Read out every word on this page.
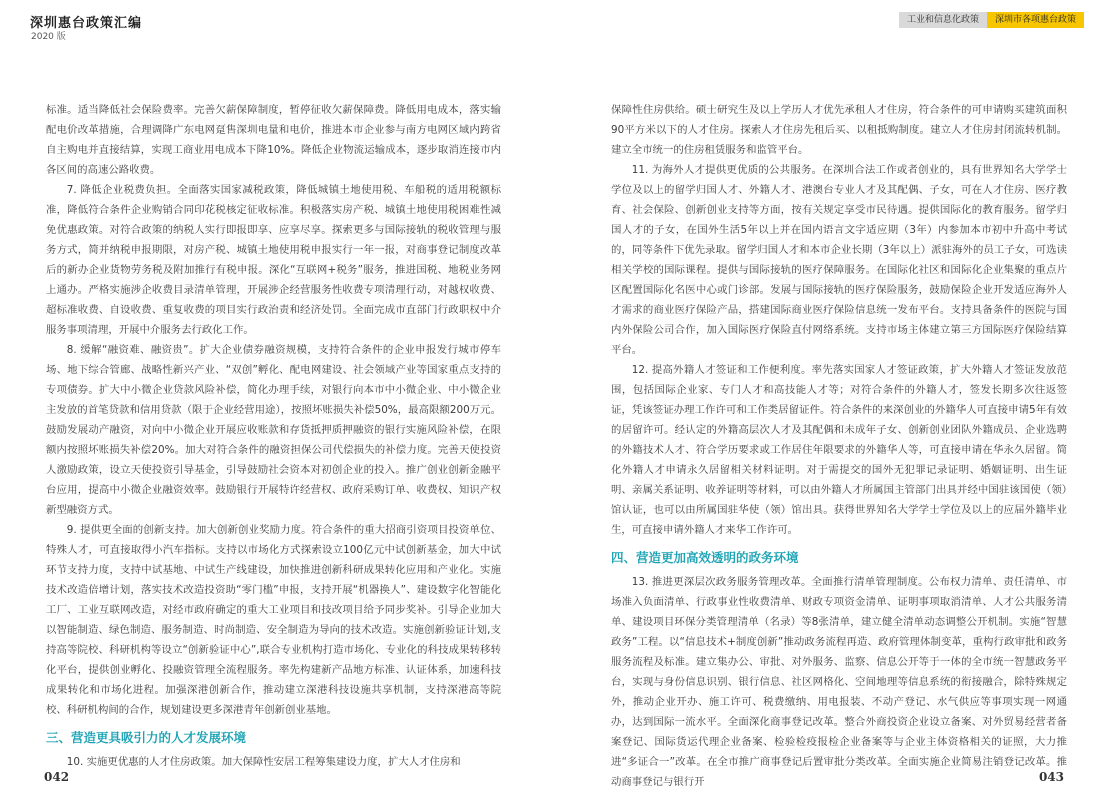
深圳惠台政策汇编
2020 版

标准。适当降低社会保险费率。完善欠薪保障制度，暂停征收欠薪保障费。降低用电成本，落实输配电价改革措施，合理调降广东电网趸售深圳电量和电价，推进本市企业参与南方电网区域内跨省自主购电并直接结算，实现工商业用电成本下降10%。降低企业物流运输成本，逐步取消连接市内各区间的高速公路收费。

7. 降低企业税费负担。全面落实国家减税政策，降低城镇土地使用税、车船税的适用税额标准，降低符合条件企业购销合同印花税核定征收标准。积极落实房产税、城镇土地使用税困难性减免优惠政策。对符合政策的纳税人实行即报即享、应享尽享。探索更多与国际接轨的税收管理与服务方式，简并纳税申报期限，对房产税、城镇土地使用税申报实行一年一报，对商事登记制度改革后的新办企业货物劳务税及附加推行有税申报。深化“互联网+税务”服务，推进国税、地税业务网上通办。严格实施涉企收费目录清单管理，开展涉企经营服务性收费专项清理行动，对越权收费、超标准收费、自设收费、重复收费的项目实行政治责和经济处罚。全面完成市直部门行政职权中介服务事项清理，开展中介服务去行政化工作。

8. 缓解“融资难、融资贵”。扩大企业债券融资规模，支持符合条件的企业申报发行城市停车场、地下综合管廊、战略性新兴产业、“双创”孵化、配电网建设、社会领域产业等国家重点支持的专项债券。扩大中小微企业贷款风险补偿，简化办理手续，对银行向本市中小微企业、中小微企业主发放的首笔贷款和信用贷款（限于企业经营用途），按照坏账损失补偿50%，最高限额200万元。鼓励发展动产融资，对向中小微企业开展应收账款和存货抵押质押融资的银行实施风险补偿，在限额内按照坏账损失补偿20%。加大对符合条件的融资担保公司代偿损失的补偿力度。完善天使投资人激励政策，设立天使投资引导基金，引导鼓励社会资本对初创企业的投入。推广创业创新金融平台应用，提高中小微企业融资效率。鼓励银行开展特许经营权、政府采购订单、收费权、知识产权新型融资方式。

9. 提供更全面的创新支持。加大创新创业奖励力度。符合条件的重大招商引资项目投资单位、特殊人才，可直接取得小汽车指标。支持以市场化方式探索设立100亿元中试创新基金，加大中试环节支持力度，支持中试基地、中试生产线建设，加快推进创新科研成果转化应用和产业化。实施技术改造倍增计划，落实技术改造投资助“零门槛”申报，支持开展“机器换人”、建设数字化智能化工厂、工业互联网改造，对经市政府确定的重大工业项目和技改项目给予同步奖补。引导企业加大以智能制造、绿色制造、服务制造、时尚制造、安全制造为导向的技术改造。实施创新验证计划,支持高等院校、科研机构等设立“创新验证中心”,联合专业机构打造市场化、专业化的科技成果转移转化平台，提供创业孵化、投融资管理全流程服务。率先构建新产品地方标准、认证体系，加速科技成果转化和市场化进程。加强深港创新合作，推动建立深港科技设施共享机制，支持深港高等院校、科研机构间的合作，规划建设更多深港青年创新创业基地。

三、营造更具吸引力的人才发展环境

10. 实施更优惠的人才住房政策。加大保障性安居工程筹集建设力度，扩大人才住房和

042
工业和信息化政策	深圳市各项惠台政策

保障性住房供给。硕士研究生及以上学历人才优先承租人才住房，符合条件的可申请购买建筑面积90平方米以下的人才住房。探索人才住房先租后买、以租抵购制度。建立人才住房封闭流转机制。建立全市统一的住房租赁服务和监管平台。

11. 为海外人才提供更优质的公共服务。在深圳合法工作或者创业的，具有世界知名大学学士学位及以上的留学归国人才、外籍人才、港澳台专业人才及其配偶、子女，可在人才住房、医疗教育、社会保险、创新创业支持等方面，按有关规定享受市民待遇。提供国际化的教育服务。留学归国人才的子女，在国外生活5年以上并在国内语言文字适应期（3年）内参加本市初中升高中考试的，同等条件下优先录取。留学归国人才和本市企业长期（3年以上）派驻海外的员工子女，可选读相关学校的国际课程。提供与国际接轨的医疗保障服务。在国际化社区和国际化企业集聚的重点片区配置国际化名医中心或门诊部。发展与国际接轨的医疗保险服务，鼓励保险企业开发适应海外人才需求的商业医疗保险产品，搭建国际商业医疗保险信息统一发布平台。支持具备条件的医院与国内外保险公司合作，加入国际医疗保险直付网络系统。支持市场主体建立第三方国际医疗保险结算平台。

12. 提高外籍人才签证和工作便利度。率先落实国家人才签证政策，扩大外籍人才签证发放范围，包括国际企业家、专门人才和高技能人才等；对符合条件的外籍人才，签发长期多次往返签证，凭该签证办理工作许可和工作类居留证件。符合条件的来深创业的外籍华人可直接申请5年有效的居留许可。经认定的外籍高层次人才及其配偶和未成年子女、创新创业团队外籍成员、企业选聘的外籍技术人才、符合学历要求或工作居住年限要求的外籍华人等，可直接申请在华永久居留。简化外籍人才申请永久居留相关材料证明。对于需提交的国外无犯罪记录证明、婚姻证明、出生证明、亲属关系证明、收养证明等材料，可以由外籍人才所属国主管部门出具并经中国驻该国使（领）馆认证，也可以由所属国驻华使（领）馆出具。获得世界知名大学学士学位及以上的应届外籍毕业生，可直接申请外籍人才来华工作许可。

四、营造更加高效透明的政务环境

13. 推进更深层次政务服务管理改革。全面推行清单管理制度。公布权力清单、责任清单、市场准入负面清单、行政事业性收费清单、财政专项资金清单、证明事项取消清单、人才公共服务清单、建设项目环保分类管理清单（名录）等8张清单，建立健全清单动态调整公开机制。实施“智慧政务”工程。以“信息技术+制度创新”推动政务流程再造、政府管理体制变革，重构行政审批和政务服务流程及标准。建立集办公、审批、对外服务、监察、信息公开等于一体的全市统一智慧政务平台，实现与身份信息识别、银行信息、社区网格化、空间地理等信息系统的衔接融合，除特殊规定外，推动企业开办、施工许可、税费缴纳、用电报装、不动产登记、水气供应等事项实现一网通办，达到国际一流水平。全面深化商事登记改革。整合外商投资企业设立备案、对外贸易经营者备案登记、国际货运代理企业备案、检验检疫报检企业备案等与企业主体资格相关的证照，大力推进“多证合一”改革。在全市推广商事登记后置审批分类改革。全面实施企业简易注销登记改革。推动商事登记与银行开	043
